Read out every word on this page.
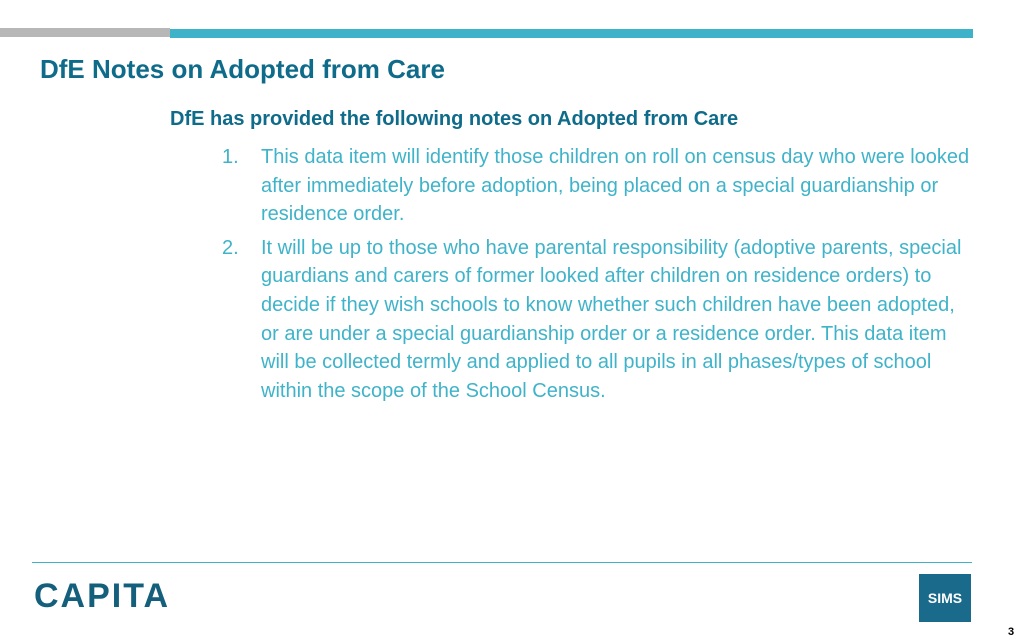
DfE Notes on Adopted from Care
DfE has provided the following notes on Adopted from Care
1.	This data item will identify those children on roll on census day who were looked after immediately before adoption, being placed on a special guardianship or residence order.
2.	It will be up to those who have parental responsibility (adoptive parents, special guardians and carers of former looked after children on residence orders) to decide if they wish schools to know whether such children have been adopted, or are under a special guardianship order or a residence order. This data item will be collected termly and applied to all pupils in all phases/types of school within the scope of the School Census.
CAPITA	SIMS
3
